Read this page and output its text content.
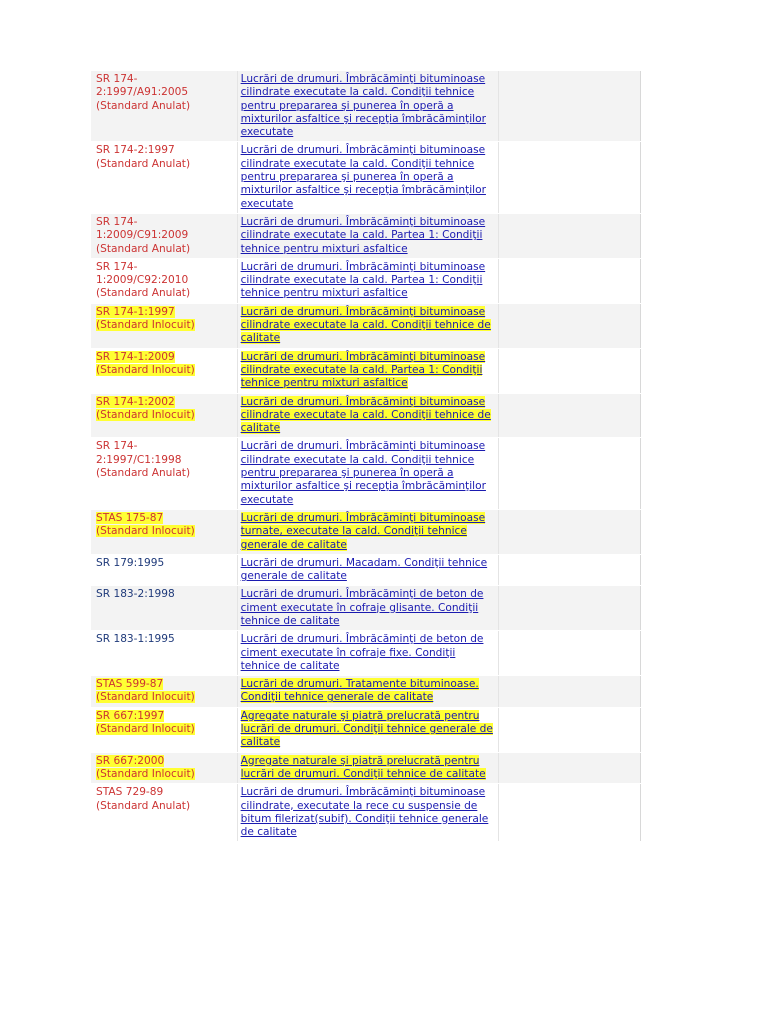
SR 174-
2:1997/A91:2005
(Standard Anulat)	Lucrări de drumuri. Îmbrăcăminţi bituminoase cilindrate executate la cald. Condiţii tehnice pentru prepararea şi punerea în operă a mixturilor asfaltice şi recepţia îmbrăcăminţilor executate	
SR 174-2:1997
(Standard Anulat)	Lucrări de drumuri. Îmbrăcăminţi bituminoase cilindrate executate la cald. Condiţii tehnice pentru prepararea şi punerea în operă a mixturilor asfaltice şi recepţia îmbrăcăminţilor executate	
SR 174-
1:2009/C91:2009
(Standard Anulat)	Lucrări de drumuri. Îmbrăcăminţi bituminoase cilindrate executate la cald. Partea 1: Condiţii tehnice pentru mixturi asfaltice	
SR 174-
1:2009/C92:2010
(Standard Anulat)	Lucrări de drumuri. Îmbrăcăminţi bituminoase cilindrate executate la cald. Partea 1: Condiţii tehnice pentru mixturi asfaltice	
SR 174-1:1997
(Standard Inlocuit)	Lucrări de drumuri. Îmbrăcăminţi bituminoase cilindrate executate la cald. Condiţii tehnice de calitate	
SR 174-1:2009
(Standard Inlocuit)	Lucrări de drumuri. Îmbrăcăminţi bituminoase cilindrate executate la cald. Partea 1: Condiţii tehnice pentru mixturi asfaltice	
SR 174-1:2002
(Standard Inlocuit)	Lucrări de drumuri. Îmbrăcăminţi bituminoase cilindrate executate la cald. Condiţii tehnice de calitate	
SR 174-
2:1997/C1:1998
(Standard Anulat)	Lucrări de drumuri. Îmbrăcăminţi bituminoase cilindrate executate la cald. Condiţii tehnice pentru prepararea şi punerea în operă a mixturilor asfaltice şi recepţia îmbrăcăminţilor executate	
STAS 175-87
(Standard Inlocuit)	Lucrări de drumuri. Îmbrăcăminţi bituminoase turnate, executate la cald. Condiţii tehnice generale de calitate	
SR 179:1995	Lucrări de drumuri. Macadam. Condiţii tehnice generale de calitate	
SR 183-2:1998	Lucrări de drumuri. Îmbrăcăminţi de beton de ciment executate în cofraje glisante. Condiţii tehnice de calitate	
SR 183-1:1995	Lucrări de drumuri. Îmbrăcăminţi de beton de ciment executate în cofraje fixe. Condiţii tehnice de calitate	
STAS 599-87
(Standard Inlocuit)	Lucrări de drumuri. Tratamente bituminoase. Condiţii tehnice generale de calitate	
SR 667:1997
(Standard Inlocuit)	Agregate naturale şi piatră prelucrată pentru lucrări de drumuri. Condiţii tehnice generale de calitate	
SR 667:2000
(Standard Inlocuit)	Agregate naturale şi piatră prelucrată pentru lucrări de drumuri. Condiţii tehnice de calitate	
STAS 729-89
(Standard Anulat)	Lucrări de drumuri. Îmbrăcăminţi bituminoase cilindrate, executate la rece cu suspensie de bitum filerizat(subif). Condiţii tehnice generale de calitate	
